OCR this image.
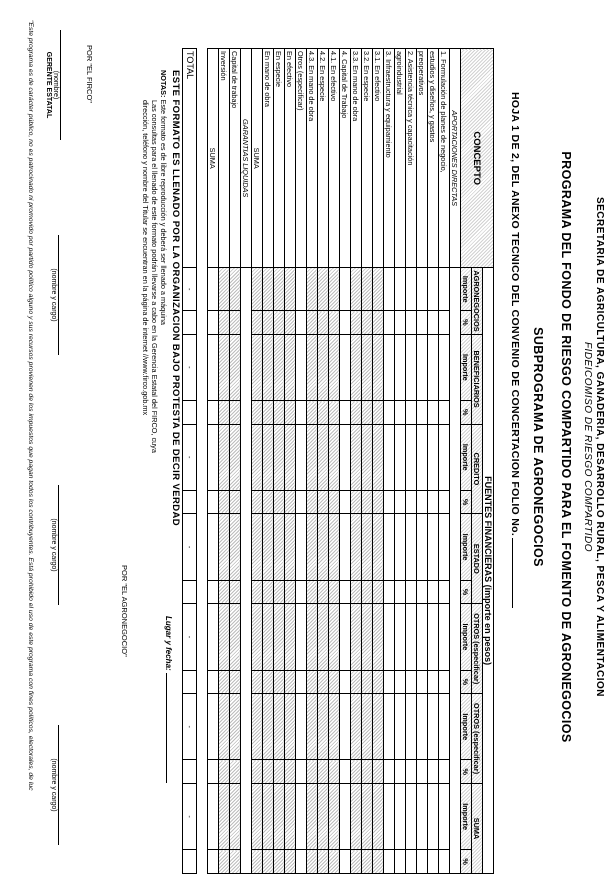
SECRETARIA DE AGRICULTURA, GANADERIA, DESARROLLO RURAL, PESCA Y ALIMENTACION
FIDEICOMISO DE RIESGO COMPARTIDO
PROGRAMA DEL FONDO DE RIESGO COMPARTIDO PARA EL FOMENTO DE AGRONEGOCIOS
SUBPROGRAMA DE AGRONEGOCIOS
HOJA 1 DE 2, DEL ANEXO TECNICO DEL CONVENIO DE CONCERTACION FOLIO No.
CONCEPTO	FUENTES FINANCIERAS (importe en pesos)													
	AGRONEGOCIOS		BENEFICIARIOS		CREDITO		ESTADO		OTROS (especificar)		OTROS (especificar)		SUMA	
	Importe	%	Importe	%	Importe	%	Importe	%	Importe	%	Importe	%	Importe	%
APORTACIONES DIRECTAS														
1. Formulación de planes de negocio,														
estudios y diseños, y gastos														
preoperativos														
2. Asistencia técnica y capacitación														
agroindustrial														
3. Infraestructura y equipamiento														
3.1. En efectivo														
3.2. En especie														
3.3. En mano de obra														
4. Capital de Trabajo														
4.1. En efectivo														
4.2. En especie														
4.3. En mano de obra														
Otros (especificar)														
En efectivo														
En especie														
En mano de obra														
SUMA														
GARANTIAS LIQUIDAS														
Capital de trabajo														
Inversión														
SUMA														

TOTAL	-		-		-		-		-		-		-	
ESTE FORMATO ES LLENADO POR LA ORGANIZACION BAJO PROTESTA DE DECIR VERDAD
NOTAS: Este formato es de libre reproducción y deberá ser llenado a máquina
Las consultas para el llenado de este formato podrán llevarse a cabo en la Gerencia Estatal del FIRCO, cuya
dirección, teléfono y nombre del Titular se encuentran en la página de internet //www.firco.gob.mx
Lugar y fecha:
POR "EL FIRCO"
POR "EL AGRONEGOCIO"
(nombre)
GERENTE ESTATAL
(nombre y cargo)
(nombre y cargo)
(nombre y cargo)
"Este programa es de carácter público, no es patrocinado ni promovido por partido político alguno y sus recursos provienen de los impuestos que pagan todos los contribuyentes. Está prohibido el uso de este programa con fines políticos, electorales, de luc
